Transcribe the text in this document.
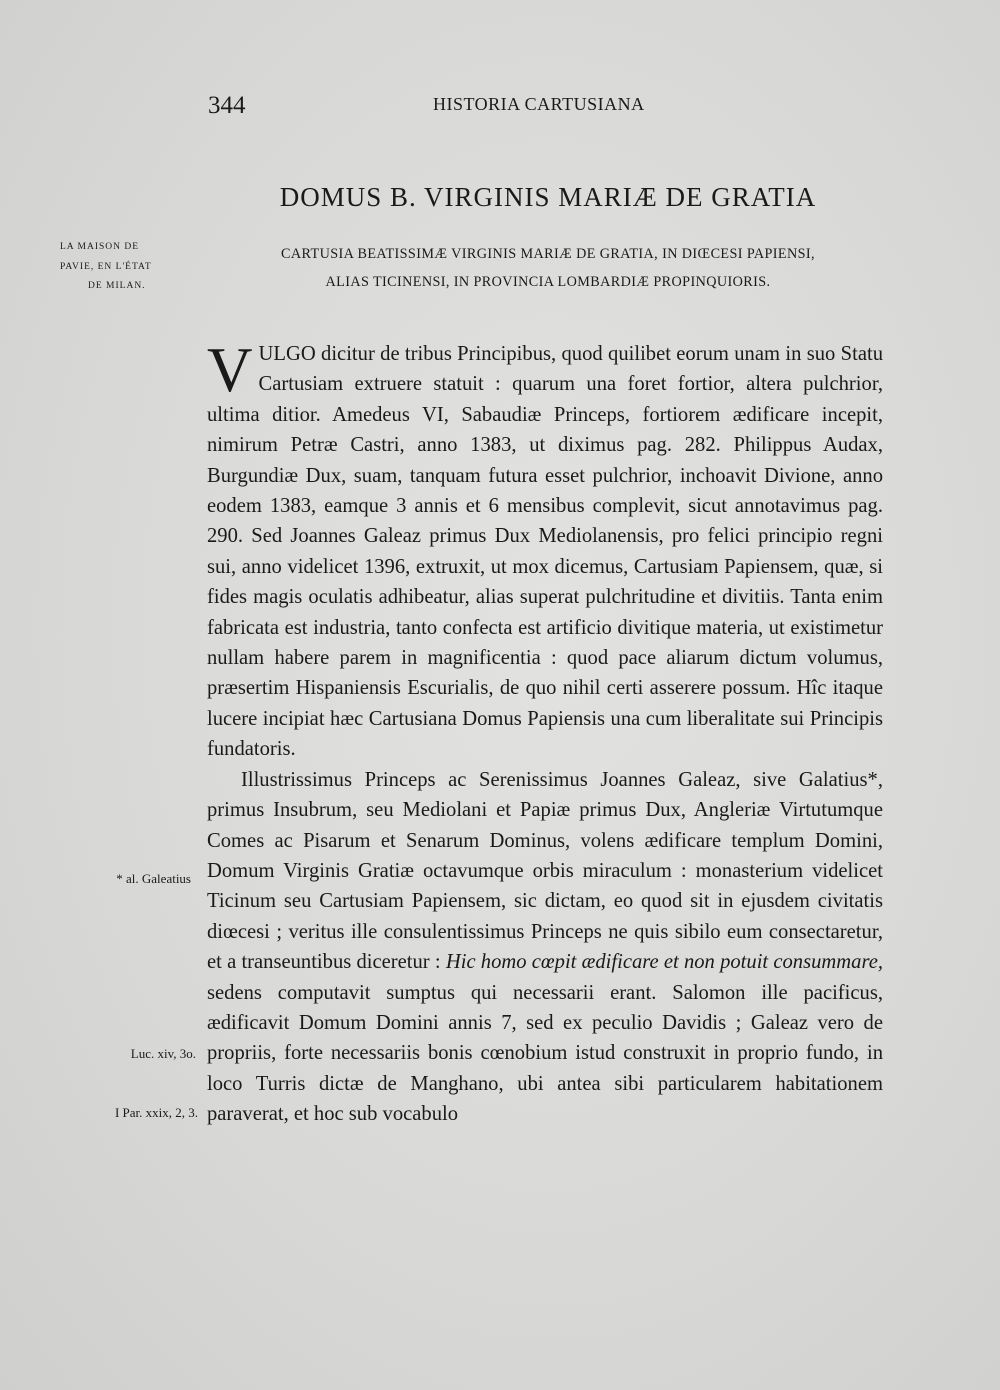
344	HISTORIA CARTUSIANA
DOMUS B. VIRGINIS MARIÆ DE GRATIA
CARTUSIA BEATISSIMÆ VIRGINIS MARIÆ DE GRATIA, IN DIŒCESI PAPIENSI,
ALIAS TICINENSI, IN PROVINCIA LOMBARDIÆ PROPINQUIORIS.
LA MAISON DE
PAVIE, EN L'ÉTAT
DE MILAN.
* al. Galeatius
Luc. xiv, 3o.
I Par. xxix, 2, 3.

V ULGO dicitur de tribus Principibus, quod quilibet eorum unam in suo Statu Cartusiam extruere statuit : quarum una foret fortior, altera pulchrior, ultima ditior. Amedeus VI, Sabaudiæ Princeps, fortiorem ædificare incepit, nimirum Petræ Castri, anno 1383, ut diximus pag. 282. Philippus Audax, Burgundiæ Dux, suam, tanquam futura esset pulchrior, inchoavit Divione, anno eodem 1383, eamque 3 annis et 6 mensibus complevit, sicut annotavimus pag. 290. Sed Joannes Galeaz primus Dux Mediolanensis, pro felici principio regni sui, anno videlicet 1396, extruxit, ut mox dicemus, Cartusiam Papiensem, quæ, si fides magis oculatis adhibeatur, alias superat pulchritudine et divitiis. Tanta enim fabricata est industria, tanto confecta est artificio divitique materia, ut existimetur nullam habere parem in magnificentia : quod pace aliarum dictum volumus, præsertim Hispaniensis Escurialis, de quo nihil certi asserere possum. Hîc itaque lucere incipiat hæc Cartusiana Domus Papiensis una cum liberalitate sui Principis fundatoris.

Illustrissimus Princeps ac Serenissimus Joannes Galeaz, sive Galatius*, primus Insubrum, seu Mediolani et Papiæ primus Dux, Angleriæ Virtutumque Comes ac Pisarum et Senarum Dominus, volens ædificare templum Domini, Domum Virginis Gratiæ octavumque orbis miraculum : monasterium videlicet Ticinum seu Cartusiam Papiensem, sic dictam, eo quod sit in ejusdem civitatis diœcesi ; veritus ille consulentissimus Princeps ne quis sibilo eum consectaretur, et a transeuntibus diceretur : Hic homo cœpit ædificare et non potuit consummare, sedens computavit sumptus qui necessarii erant. Salomon ille pacificus, ædificavit Domum Domini annis 7, sed ex peculio Davidis ; Galeaz vero de propriis, forte necessariis bonis cœnobium istud construxit in proprio fundo, in loco Turris dictæ de Manghano, ubi antea sibi particularem habitationem paraverat, et hoc sub vocabulo
